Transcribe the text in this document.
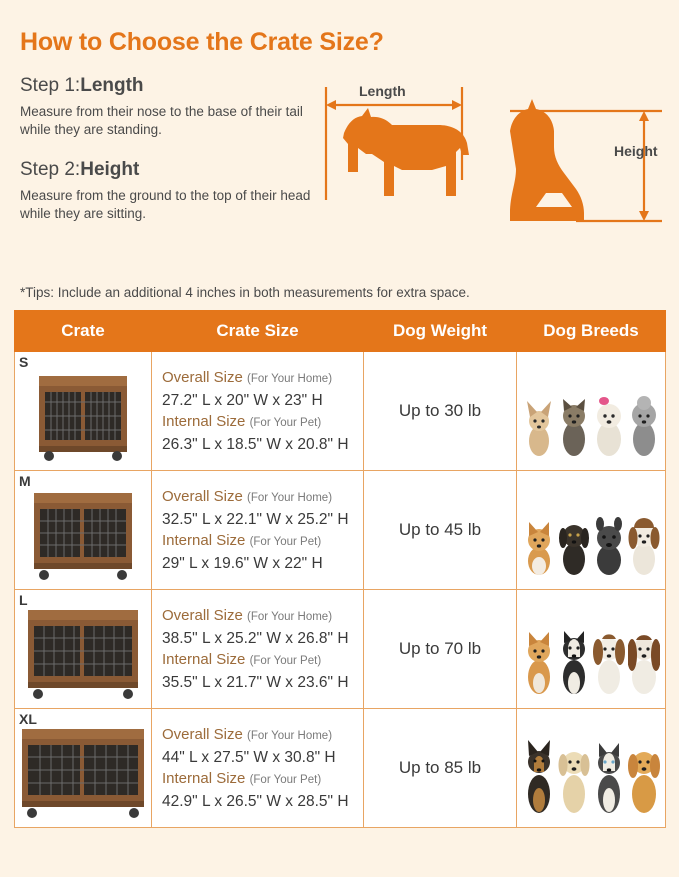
How to Choose the Crate Size?
Step 1:Length
Measure from their nose to the base of their tail while they are standing.
Step 2:Height
Measure from the ground to the top of their head while they are sitting.
Length
Height
*Tips: Include an additional 4 inches in both measurements for extra space.
Crate	Crate Size	Dog Weight	Dog Breeds

S	Overall Size (For Your Home)
27.2" L x 20" W x 23" H
Internal Size (For Your Pet)
26.3" L x 18.5" W x 20.8" H	Up to 30 lb	

M	Overall Size (For Your Home)
32.5" L x 22.1" W x 25.2" H
Internal Size (For Your Pet)
29" L x 19.6" W x 22" H	Up to 45 lb	

L	Overall Size (For Your Home)
38.5" L x 25.2" W x 26.8" H
Internal Size (For Your Pet)
35.5" L x 21.7" W x 23.6" H	Up to 70 lb	

XL	Overall Size (For Your Home)
44" L x 27.5" W x 30.8" H
Internal Size (For Your Pet)
42.9" L x 26.5" W x 28.5" H	Up to 85 lb	
